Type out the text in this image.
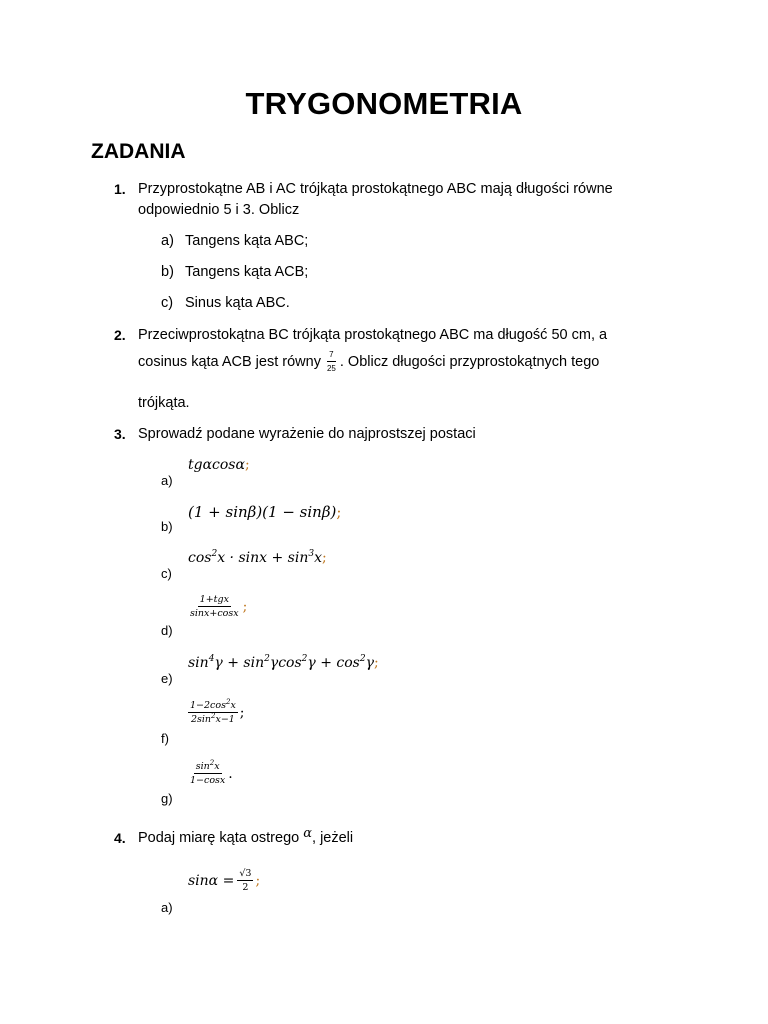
TRYGONOMETRIA
ZADANIA
1. Przyprostokątne AB i AC trójkąta prostokątnego ABC mają długości równe
odpowiednio 5 i 3. Oblicz
a) Tangens kąta ABC;
b) Tangens kąta ACB;
c) Sinus kąta ABC.
2. Przeciwprostokątna BC trójkąta prostokątnego ABC ma długość 50 cm, a
cosinus kąta ACB jest równy $\frac{7}{25}$ . Oblicz długości przyprostokątnych tego
trójkąta.
3. Sprowadź podane wyrażenie do najprostszej postaci
tgαcosα;
a)
(1 + sinβ)(1 − sinβ);
b)
$\cos^2x \cdot \sin x + \sin^3x$;
c)
$\frac{\text{1+tgx}}{\sin x+\cos x}$ ;
d)
$\sin^4\gamma + \sin^2\gamma\cos^2\gamma + \cos^2\gamma$;
e)
$\frac{1-2\cos^2x}{2\sin^2x-1}$ ;
f)
$\frac{\sin^2x}{1-\cos x}$ .
g)
4. Podaj miarę kąta ostrego α, jeżeli
$\sin\alpha = \frac{√3}{2}$ ;
a)
